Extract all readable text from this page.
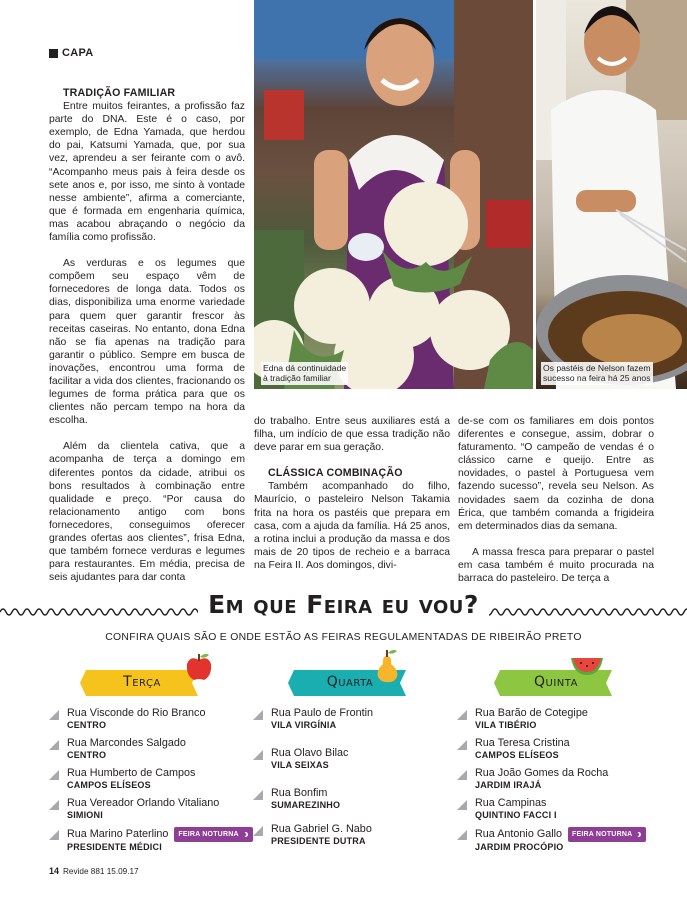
CAPA
TRADIÇÃO FAMILIAR

Entre muitos feirantes, a profissão faz parte do DNA. Este é o caso, por exemplo, de Edna Yamada, que herdou do pai, Katsumi Yamada, que, por sua vez, aprendeu a ser feirante com o avô. “Acompanho meus pais à feira desde os sete anos e, por isso, me sinto à vontade nesse ambiente”, afirma a comerciante, que é formada em engenharia química, mas acabou abraçando o negócio da família como profissão.

As verduras e os legumes que compõem seu espaço vêm de fornecedores de longa data. Todos os dias, disponibiliza uma enorme variedade para quem quer garantir frescor às receitas caseiras. No entanto, dona Edna não se fia apenas na tradição para garantir o público. Sempre em busca de inovações, encontrou uma forma de facilitar a vida dos clientes, fracionando os legumes de forma prática para que os clientes não percam tempo na hora da escolha.

Além da clientela cativa, que a acompanha de terça a domingo em diferentes pontos da cidade, atribui os bons resultados à combinação entre qualidade e preço. “Por causa do relacionamento antigo com bons fornecedores, conseguimos oferecer grandes ofertas aos clientes”, frisa Edna, que também fornece verduras e legumes para restaurantes. Em média, precisa de seis ajudantes para dar conta

Edna dá continuidade
à tradição familiar
Os pastéis de Nelson fazem
sucesso na feira há 25 anos

do trabalho. Entre seus auxiliares está a filha, um indício de que essa tradição não deve parar em sua geração.

CLÁSSICA COMBINAÇÃO

Também acompanhado do filho, Maurício, o pasteleiro Nelson Takamia frita na hora os pastéis que prepara em casa, com a ajuda da família. Há 25 anos, a rotina inclui a produção da massa e dos mais de 20 tipos de recheio e a barraca na Feira II. Aos domingos, divi-

de-se com os familiares em dois pontos diferentes e consegue, assim, dobrar o faturamento. “O campeão de vendas é o clássico carne e queijo. Entre as novidades, o pastel à Portuguesa vem fazendo sucesso”, revela seu Nelson. As novidades saem da cozinha de dona Érica, que também comanda a frigideira em determinados dias da semana.

A massa fresca para preparar o pastel em casa também é muito procurada na barraca do pasteleiro. De terça a

Em que Feira eu vou?
CONFIRA QUAIS SÃO E ONDE ESTÃO AS FEIRAS REGULAMENTADAS DE RIBEIRÃO PRETO
Terça	Quarta	Quinta
Rua Visconde do Rio Branco
CENTRO
Rua Marcondes Salgado
CENTRO
Rua Humberto de Campos
CAMPOS ELÍSEOS
Rua Vereador Orlando Vitaliano
SIMIONI
Rua Marino Paterlino FEIRA NOTURNA
PRESIDENTE MÉDICI
Rua Paulo de Frontin
VILA VIRGÍNIA
Rua Olavo Bilac
VILA SEIXAS
Rua Bonfim
SUMAREZINHO
Rua Gabriel G. Nabo
PRESIDENTE DUTRA
Rua Barão de Cotegipe
VILA TIBÉRIO
Rua Teresa Cristina
CAMPOS ELÍSEOS
Rua João Gomes da Rocha
JARDIM IRAJÁ
Rua Campinas
QUINTINO FACCI I
Rua Antonio Gallo FEIRA NOTURNA
JARDIM PROCÓPIO
14 Revide 881 15.09.17
